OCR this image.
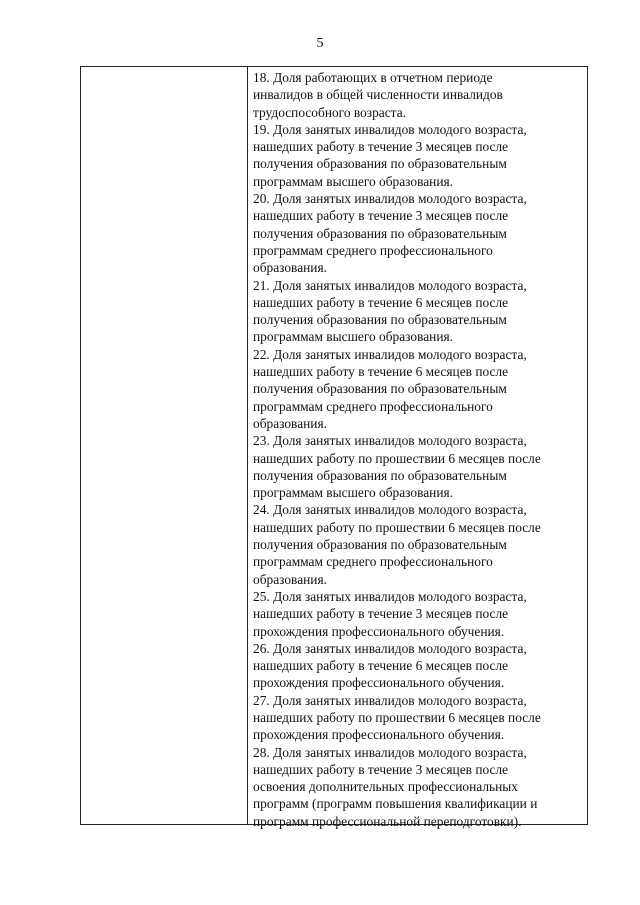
5
18. Доля работающих в отчетном периоде
инвалидов в общей численности инвалидов
трудоспособного возраста.
19. Доля занятых инвалидов молодого возраста,
нашедших работу в течение 3 месяцев после
получения образования по образовательным
программам высшего образования.
20. Доля занятых инвалидов молодого возраста,
нашедших работу в течение 3 месяцев после
получения образования по образовательным
программам среднего профессионального
образования.
21. Доля занятых инвалидов молодого возраста,
нашедших работу в течение 6 месяцев после
получения образования по образовательным
программам высшего образования.
22. Доля занятых инвалидов молодого возраста,
нашедших работу в течение 6 месяцев после
получения образования по образовательным
программам среднего профессионального
образования.
23. Доля занятых инвалидов молодого возраста,
нашедших работу по прошествии 6 месяцев после
получения образования по образовательным
программам высшего образования.
24. Доля занятых инвалидов молодого возраста,
нашедших работу по прошествии 6 месяцев после
получения образования по образовательным
программам среднего профессионального
образования.
25. Доля занятых инвалидов молодого возраста,
нашедших работу в течение 3 месяцев после
прохождения профессионального обучения.
26. Доля занятых инвалидов молодого возраста,
нашедших работу в течение 6 месяцев после
прохождения профессионального обучения.
27. Доля занятых инвалидов молодого возраста,
нашедших работу по прошествии 6 месяцев после
прохождения профессионального обучения.
28. Доля занятых инвалидов молодого возраста,
нашедших работу в течение 3 месяцев после
освоения дополнительных профессиональных
программ (программ повышения квалификации и
программ профессиональной переподготовки).
